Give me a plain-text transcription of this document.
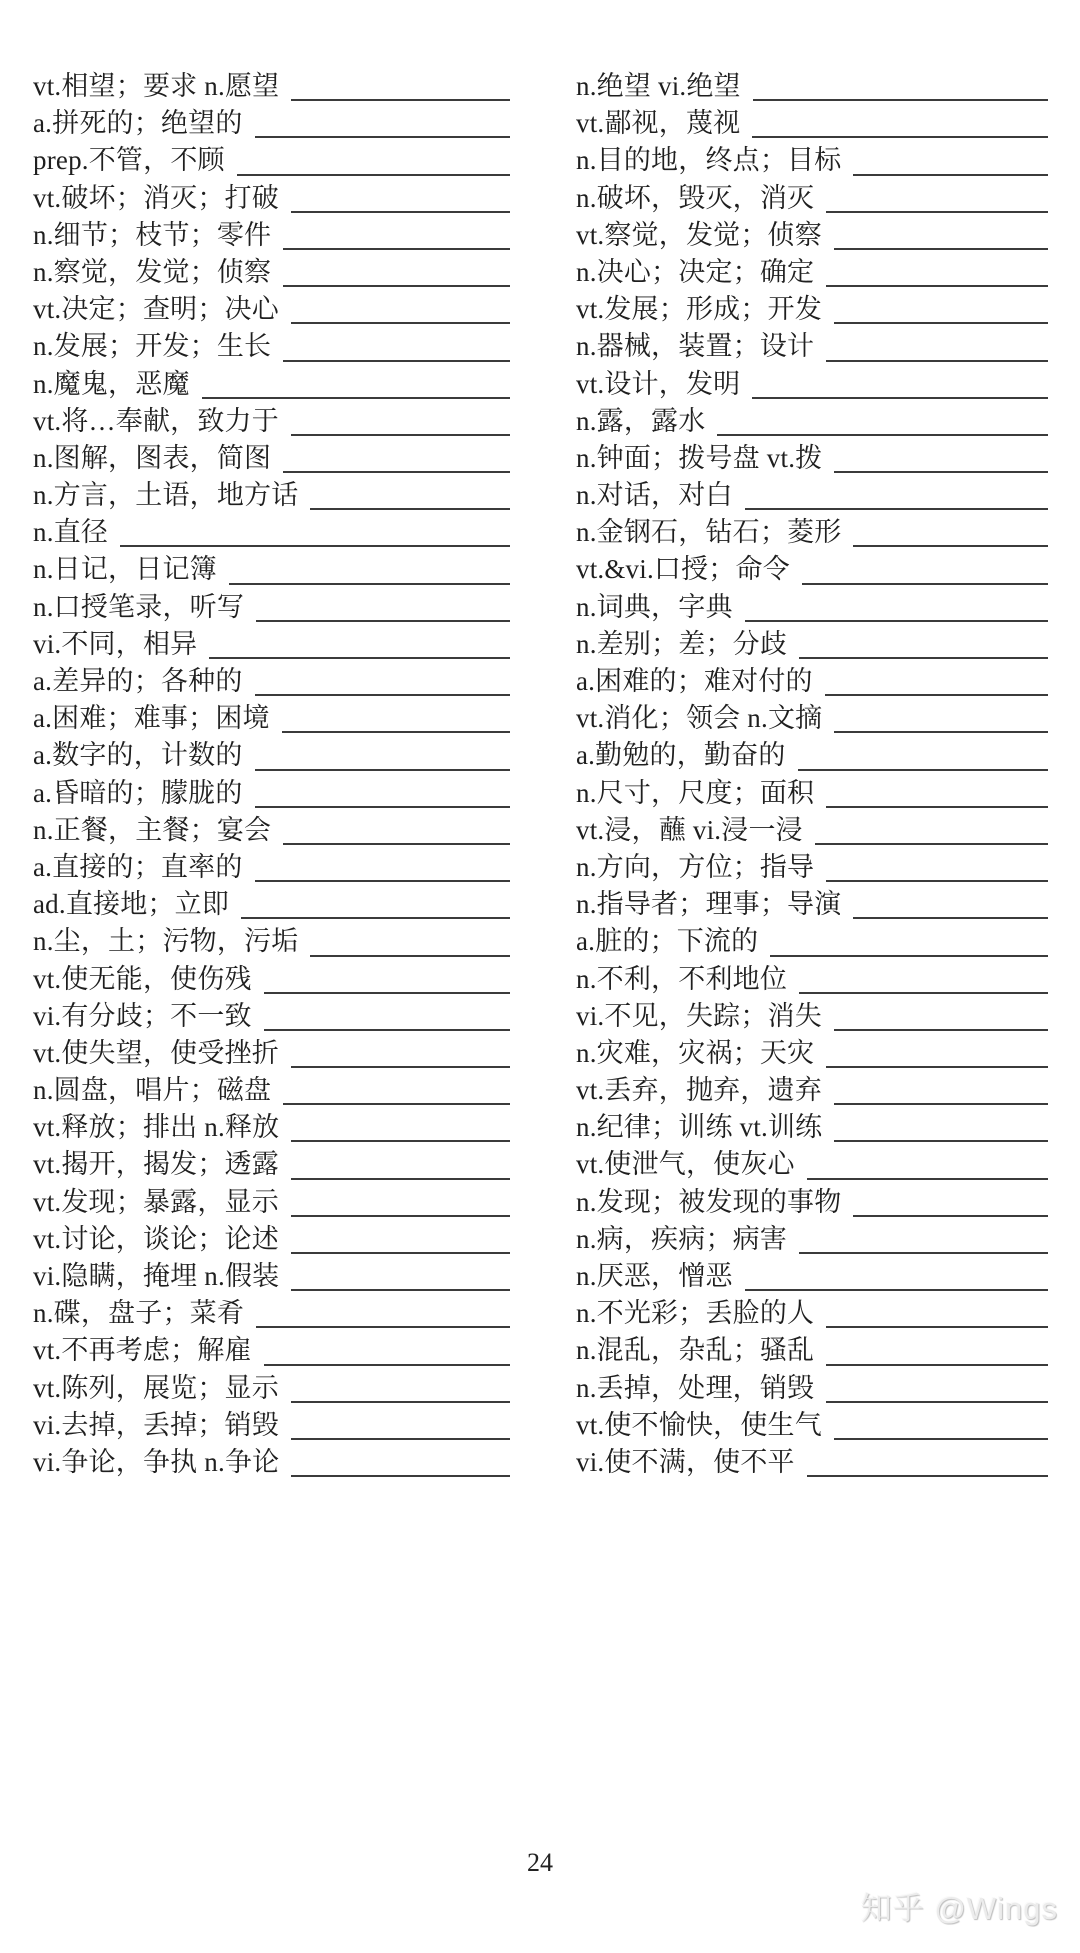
vt.相望；要求 n.愿望
a.拼死的；绝望的
prep.不管，不顾
vt.破坏；消灭；打破
n.细节；枝节；零件
n.察觉，发觉；侦察
vt.决定；查明；决心
n.发展；开发；生长
n.魔鬼，恶魔
vt.将…奉献，致力于
n.图解，图表，简图
n.方言，土语，地方话
n.直径
n.日记，日记簿
n.口授笔录，听写
vi.不同，相异
a.差异的；各种的
a.困难；难事；困境
a.数字的，计数的
a.昏暗的；朦胧的
n.正餐，主餐；宴会
a.直接的；直率的
ad.直接地；立即
n.尘，土；污物，污垢
vt.使无能，使伤残
vi.有分歧；不一致
vt.使失望，使受挫折
n.圆盘，唱片；磁盘
vt.释放；排出 n.释放
vt.揭开，揭发；透露
vt.发现；暴露，显示
vt.讨论，谈论；论述
vi.隐瞒，掩埋 n.假装
n.碟，盘子；菜肴
vt.不再考虑；解雇
vt.陈列，展览；显示
vi.去掉，丢掉；销毁
vi.争论，争执 n.争论
n.绝望 vi.绝望
vt.鄙视，蔑视
n.目的地，终点；目标
n.破坏，毁灭，消灭
vt.察觉，发觉；侦察
n.决心；决定；确定
vt.发展；形成；开发
n.器械，装置；设计
vt.设计，发明
n.露，露水
n.钟面；拨号盘 vt.拨
n.对话，对白
n.金钢石，钻石；菱形
vt.&vi.口授；命令
n.词典，字典
n.差别；差；分歧
a.困难的；难对付的
vt.消化；领会 n.文摘
a.勤勉的，勤奋的
n.尺寸，尺度；面积
vt.浸，蘸 vi.浸一浸
n.方向，方位；指导
n.指导者；理事；导演
a.脏的；下流的
n.不利，不利地位
vi.不见，失踪；消失
n.灾难，灾祸；天灾
vt.丢弃，抛弃，遗弃
n.纪律；训练 vt.训练
vt.使泄气，使灰心
n.发现；被发现的事物
n.病，疾病；病害
n.厌恶，憎恶
n.不光彩；丢脸的人
n.混乱，杂乱；骚乱
n.丢掉，处理，销毁
vt.使不愉快，使生气
vi.使不满，使不平
24
知乎 @Wings
